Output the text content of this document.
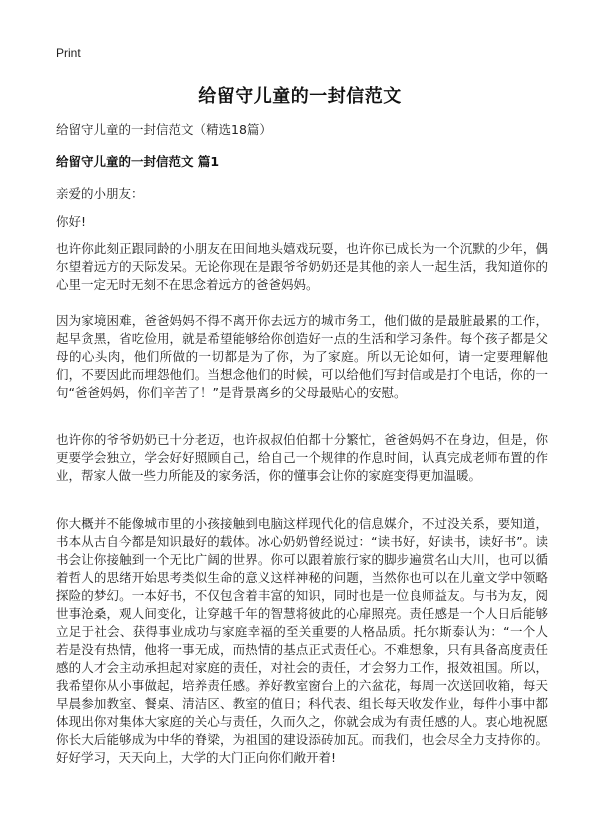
Print
给留守儿童的一封信范文
给留守儿童的一封信范文（精选18篇）
给留守儿童的一封信范文 篇1
亲爱的小朋友：
你好!
也许你此刻正跟同龄的小朋友在田间地头嬉戏玩耍，也许你已成长为一个沉默的少年，偶尔望着远方的天际发呆。无论你现在是跟爷爷奶奶还是其他的亲人一起生活，我知道你的心里一定无时无刻不在思念着远方的爸爸妈妈。
因为家境困难，爸爸妈妈不得不离开你去远方的城市务工，他们做的是最脏最累的工作，起早贪黑，省吃俭用，就是希望能够给你创造好一点的生活和学习条件。每个孩子都是父母的心头肉，他们所做的一切都是为了你，为了家庭。所以无论如何，请一定要理解他们，不要因此而埋怨他们。当想念他们的时候，可以给他们写封信或是打个电话，你的一句“爸爸妈妈，你们辛苦了！”是背景离乡的父母最贴心的安慰。
也许你的爷爷奶奶已十分老迈，也许叔叔伯伯都十分繁忙，爸爸妈妈不在身边，但是，你更要学会独立，学会好好照顾自己，给自己一个规律的作息时间，认真完成老师布置的作业，帮家人做一些力所能及的家务活，你的懂事会让你的家庭变得更加温暖。
你大概并不能像城市里的小孩接触到电脑这样现代化的信息媒介，不过没关系，要知道，书本从古自今都是知识最好的载体。冰心奶奶曾经说过：“读书好，好读书，读好书”。读书会让你接触到一个无比广阔的世界。你可以跟着旅行家的脚步遍赏名山大川，也可以循着哲人的思绪开始思考类似生命的意义这样神秘的问题，当然你也可以在儿童文学中领略探险的梦幻。一本好书，不仅包含着丰富的知识，同时也是一位良师益友。与书为友，阅世事沧桑，观人间变化，让穿越千年的智慧将彼此的心扉照亮。责任感是一个人日后能够立足于社会、获得事业成功与家庭幸福的至关重要的人格品质。托尔斯泰认为：“一个人若是没有热情，他将一事无成，而热情的基点正式责任心。不难想象，只有具备高度责任感的人才会主动承担起对家庭的责任，对社会的责任，才会努力工作，报效祖国。所以，我希望你从小事做起，培养责任感。养好教室窗台上的六盆花，每周一次送回收箱，每天早晨参加教室、餐桌、清洁区、教室的值日；科代表、组长每天收发作业，每件小事中都体现出你对集体大家庭的关心与责任，久而久之，你就会成为有责任感的人。衷心地祝愿你长大后能够成为中华的脊梁，为祖国的建设添砖加瓦。而我们，也会尽全力支持你的。好好学习，天天向上，大学的大门正向你们敞开着!
